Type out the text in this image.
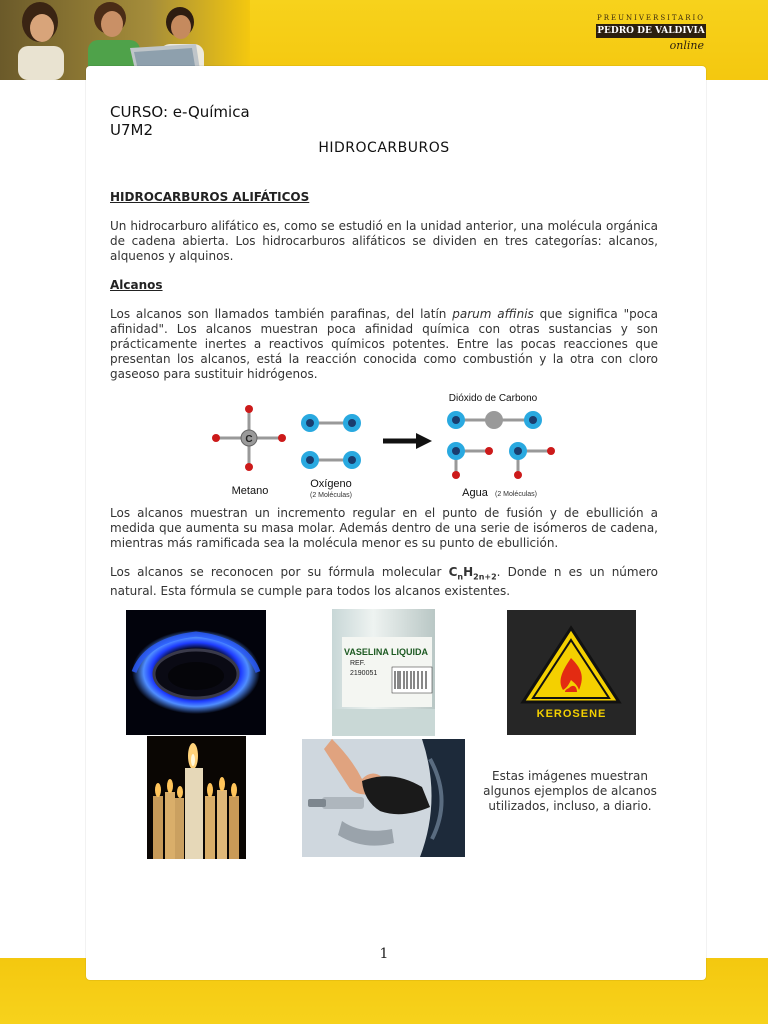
PREUNIVERSITARIO
PEDRO DE VALDIVIA
online
CURSO: e-Química
U7M2
HIDROCARBUROS
HIDROCARBUROS ALIFÁTICOS

Un hidrocarburo alifático es, como se estudió en la unidad anterior, una molécula orgánica de cadena abierta. Los hidrocarburos alifáticos se dividen en tres categorías: alcanos, alquenos y alquinos.

Alcanos

Los alcanos son llamados también parafinas, del latín parum affinis que significa "poca afinidad". Los alcanos muestran poca afinidad química con otras sustancias y son prácticamente inertes a reactivos químicos potentes. Entre las pocas reacciones que presentan los alcanos, está la reacción conocida como combustión y la otra con cloro gaseoso para sustituir hidrógenos.

C
Metano
Oxígeno
(2 Moléculas)
Dióxido de Carbono
Agua (2 Moléculas)

Los alcanos muestran un incremento regular en el punto de fusión y de ebullición a medida que aumenta su masa molar. Además dentro de una serie de isómeros de cadena, mientras más ramificada sea la molécula menor es su punto de ebullición.

Los alcanos se reconocen por su fórmula molecular $C_nH_{2n+2}$. Donde n es un número natural. Esta fórmula se cumple para todos los alcanos existentes.

VASELINA LIQUIDA
REF.
2190051
KEROSENE
Estas imágenes muestran algunos ejemplos de alcanos utilizados, incluso, a diario.
1
